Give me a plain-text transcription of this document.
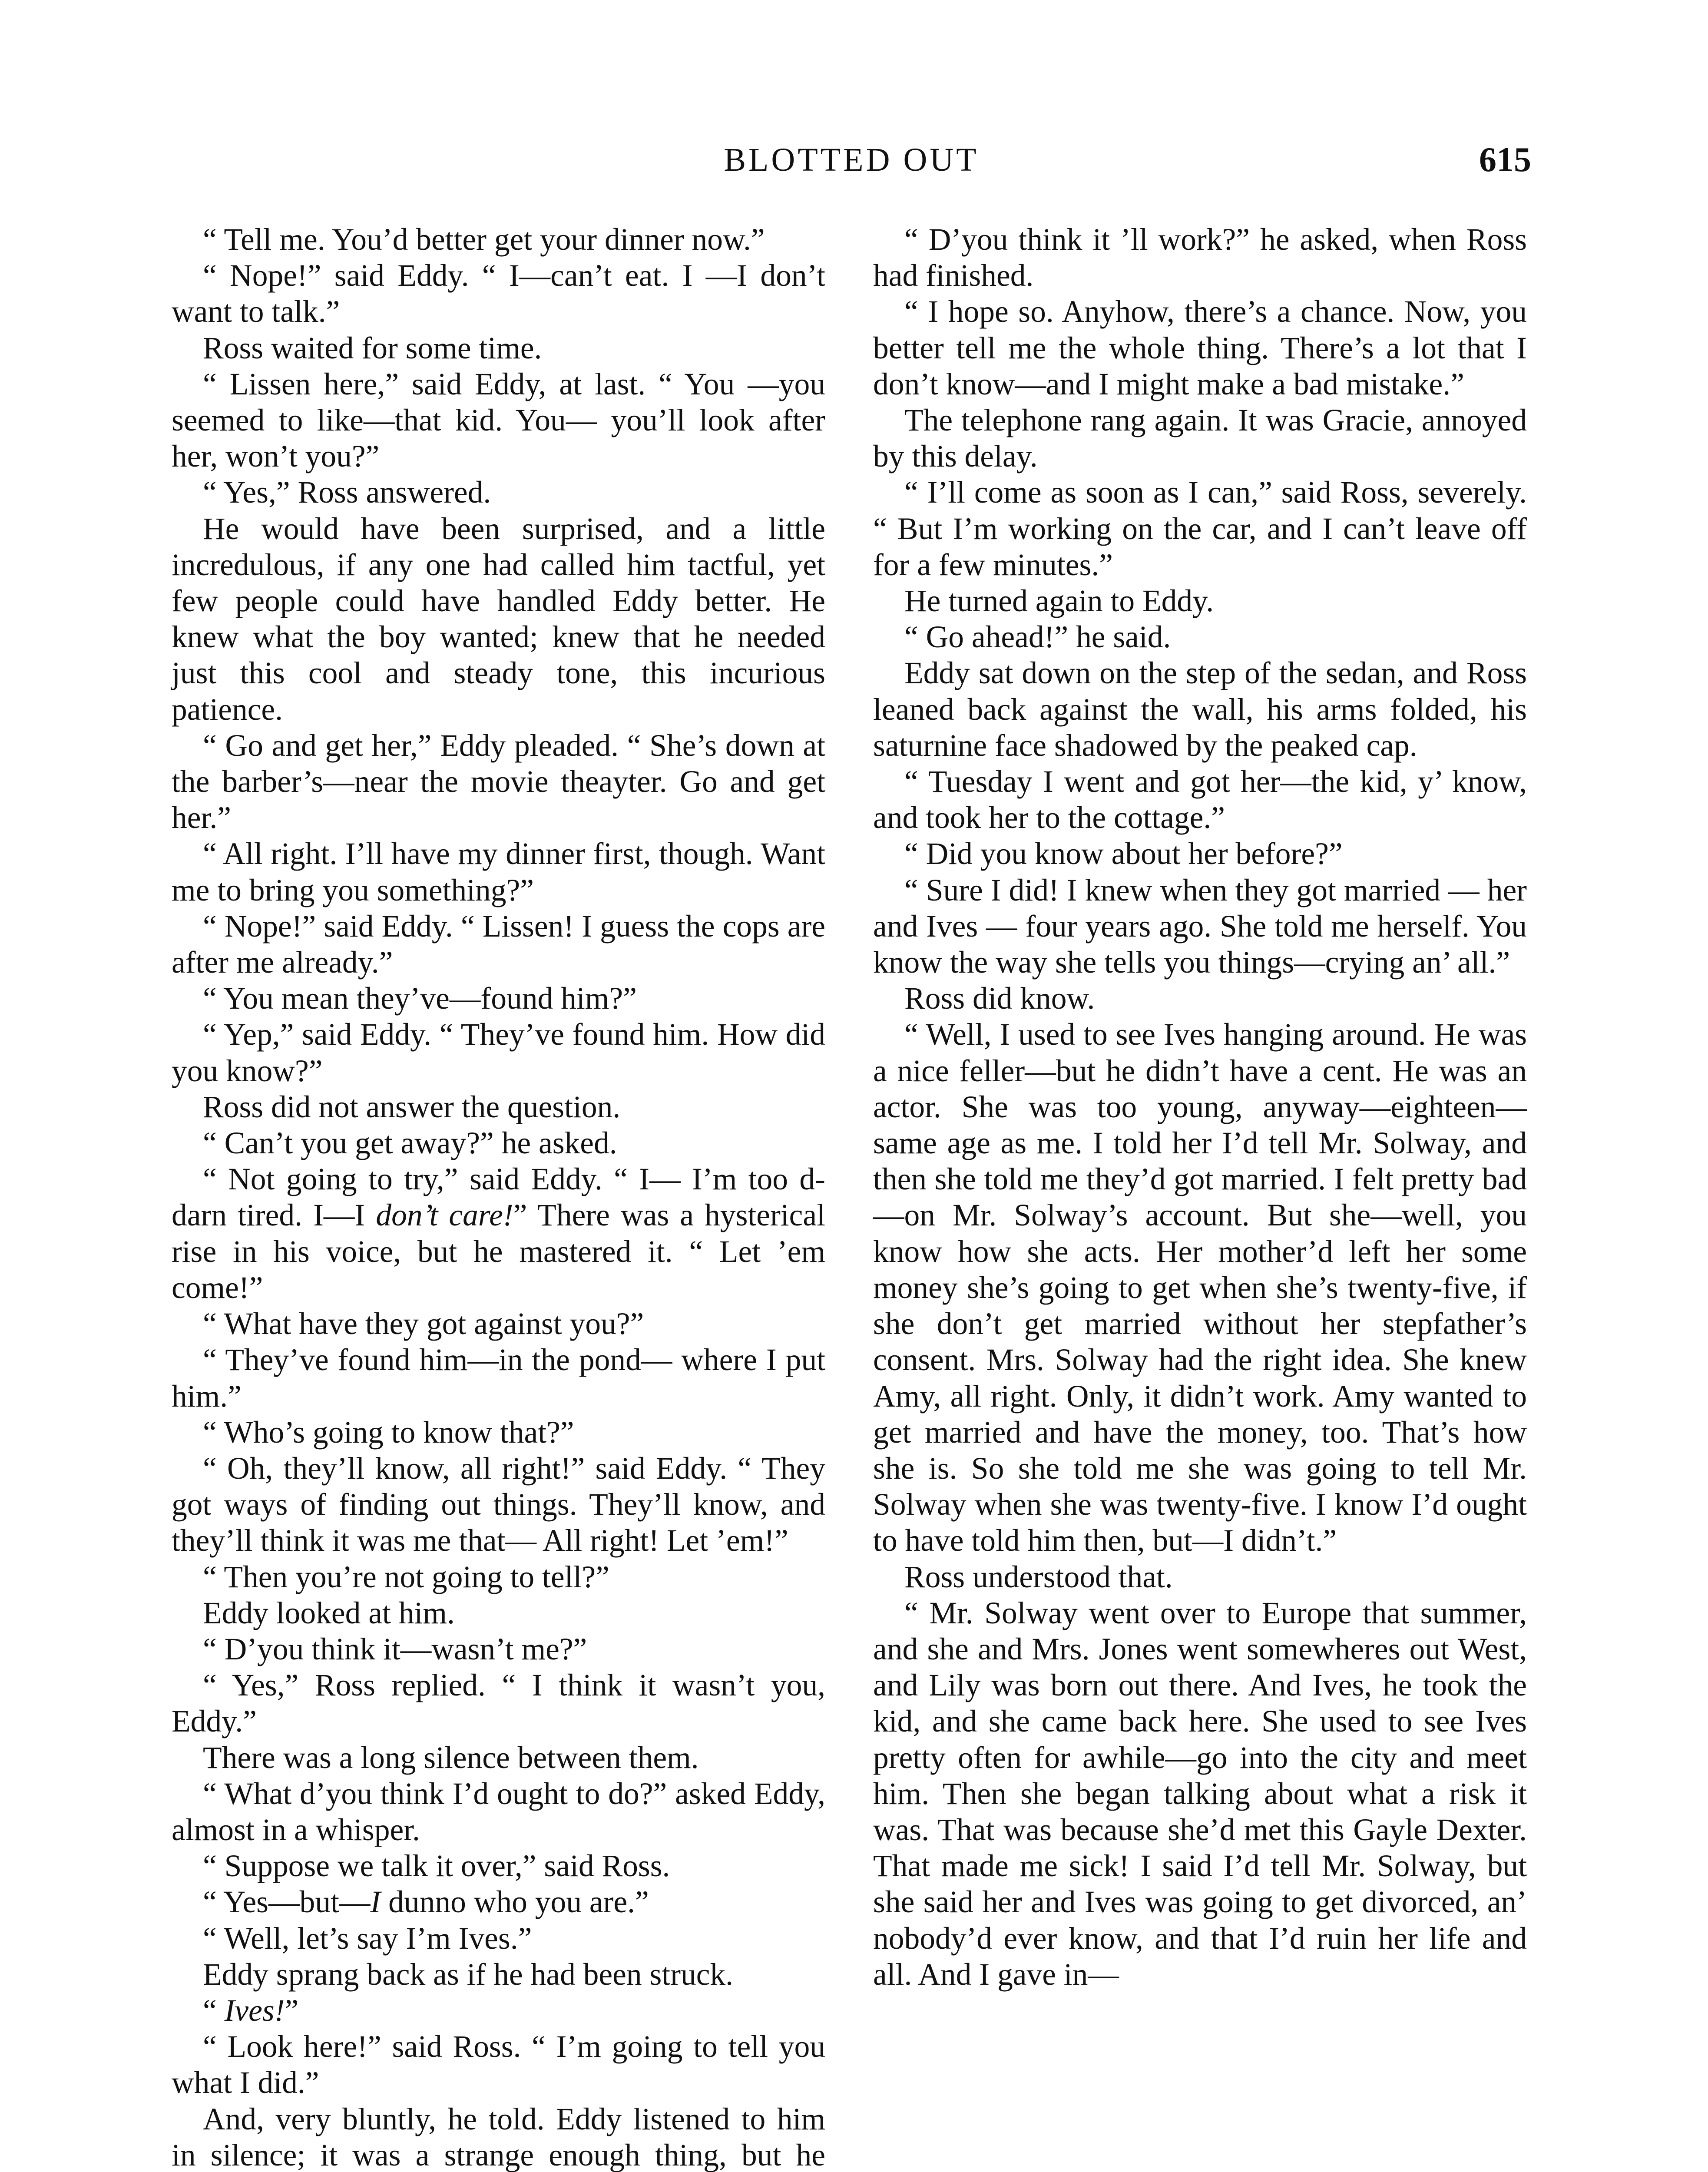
BLOTTED OUT	615

“ Tell me. You’d better get your dinner now.”

“ Nope!” said Eddy. “ I—can’t eat. I —I don’t want to talk.”

Ross waited for some time.

“ Lissen here,” said Eddy, at last. “ You —you seemed to like—that kid. You— you’ll look after her, won’t you?”

“ Yes,” Ross answered.

He would have been surprised, and a little incredulous, if any one had called him tactful, yet few people could have handled Eddy better. He knew what the boy wanted; knew that he needed just this cool and steady tone, this incurious patience.

“ Go and get her,” Eddy pleaded. “ She’s down at the barber’s—near the movie theayter. Go and get her.”

“ All right. I’ll have my dinner first, though. Want me to bring you something?”

“ Nope!” said Eddy. “ Lissen! I guess the cops are after me already.”

“ You mean they’ve—found him?”

“ Yep,” said Eddy. “ They’ve found him. How did you know?”

Ross did not answer the question.

“ Can’t you get away?” he asked.

“ Not going to try,” said Eddy. “ I— I’m too d-darn tired. I—I don’t care!” There was a hysterical rise in his voice, but he mastered it. “ Let ’em come!”

“ What have they got against you?”

“ They’ve found him—in the pond— where I put him.”

“ Who’s going to know that?”

“ Oh, they’ll know, all right!” said Eddy. “ They got ways of finding out things. They’ll know, and they’ll think it was me that— All right! Let ’em!”

“ Then you’re not going to tell?”

Eddy looked at him.

“ D’you think it—wasn’t me?”

“ Yes,” Ross replied. “ I think it wasn’t you, Eddy.”

There was a long silence between them.

“ What d’you think I’d ought to do?” asked Eddy, almost in a whisper.

“ Suppose we talk it over,” said Ross.

“ Yes—but—I dunno who you are.”

“ Well, let’s say I’m Ives.”

Eddy sprang back as if he had been struck.

“ Ives!”

“ Look here!” said Ross. “ I’m going to tell you what I did.”

And, very bluntly, he told. Eddy listened to him in silence; it was a strange enough thing, but he

“ D’you think it ’ll work?” he asked, when Ross had finished.

“ I hope so. Anyhow, there’s a chance. Now, you better tell me the whole thing. There’s a lot that I don’t know—and I might make a bad mistake.”

The telephone rang again. It was Gracie, annoyed by this delay.

“ I’ll come as soon as I can,” said Ross, severely. “ But I’m working on the car, and I can’t leave off for a few minutes.”

He turned again to Eddy.

“ Go ahead!” he said.

Eddy sat down on the step of the sedan, and Ross leaned back against the wall, his arms folded, his saturnine face shadowed by the peaked cap.

“ Tuesday I went and got her—the kid, y’ know, and took her to the cottage.”

“ Did you know about her before?”

“ Sure I did! I knew when they got married — her and Ives — four years ago. She told me herself. You know the way she tells you things—crying an’ all.”

Ross did know.

“ Well, I used to see Ives hanging around. He was a nice feller—but he didn’t have a cent. He was an actor. She was too young, anyway—eighteen—same age as me. I told her I’d tell Mr. Solway, and then she told me they’d got married. I felt pretty bad—on Mr. Solway’s account. But she—well, you know how she acts. Her mother’d left her some money she’s going to get when she’s twenty-five, if she don’t get married without her stepfather’s consent. Mrs. Solway had the right idea. She knew Amy, all right. Only, it didn’t work. Amy wanted to get married and have the money, too. That’s how she is. So she told me she was going to tell Mr. Solway when she was twenty-five. I know I’d ought to have told him then, but—I didn’t.”

Ross understood that.

“ Mr. Solway went over to Europe that summer, and she and Mrs. Jones went somewheres out West, and Lily was born out there. And Ives, he took the kid, and she came back here. She used to see Ives pretty often for awhile—go into the city and meet him. Then she began talking about what a risk it was. That was because she’d met this Gayle Dexter. That made me sick! I said I’d tell Mr. Solway, but she said her and Ives was going to get divorced, an’ nobody’d ever know, and that I’d ruin her life and all. And I gave in—
